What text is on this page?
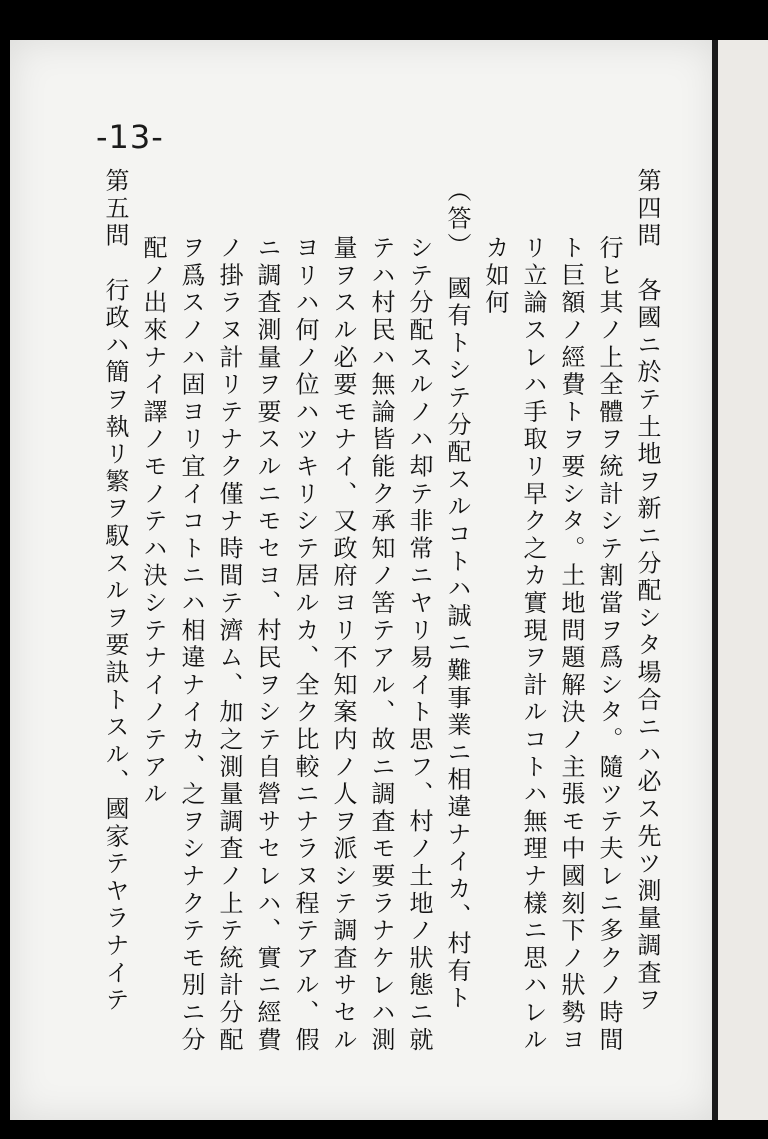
-13-
第四問　各國ニ於テ土地ヲ新ニ分配シタ場合ニハ必ス先ツ測量調査ヲ
行ヒ其ノ上全體ヲ統計シテ割當ヲ爲シタ。隨ツテ夫レニ多クノ時間
ト巨額ノ經費トヲ要シタ。土地問題解決ノ主張モ中國刻下ノ狀勢ヨ
リ立論スレハ手取リ早ク之カ實現ヲ計ルコトハ無理ナ樣ニ思ハレル
カ如何
（答）　國有トシテ分配スルコトハ誠ニ難事業ニ相違ナイカ、村有ト
シテ分配スルノハ却テ非常ニヤリ易イト思フ、村ノ土地ノ狀態ニ就
テハ村民ハ無論皆能ク承知ノ筈テアル、故ニ調査モ要ラナケレハ測
量ヲスル必要モナイ、又政府ヨリ不知案内ノ人ヲ派シテ調査サセル
ヨリハ何ノ位ハツキリシテ居ルカ、全ク比較ニナラヌ程テアル、假
ニ調査測量ヲ要スルニモセヨ、村民ヲシテ自營サセレハ、實ニ經費
ノ掛ラヌ計リテナク僅ナ時間テ濟ム、加之測量調査ノ上テ統計分配
ヲ爲スノハ固ヨリ宜イコトニハ相違ナイカ、之ヲシナクテモ別ニ分
配ノ出來ナイ譯ノモノテハ決シテナイノテアル
第五問　行政ハ簡ヲ執リ繁ヲ馭スルヲ要訣トスル、國家テヤラナイテ
